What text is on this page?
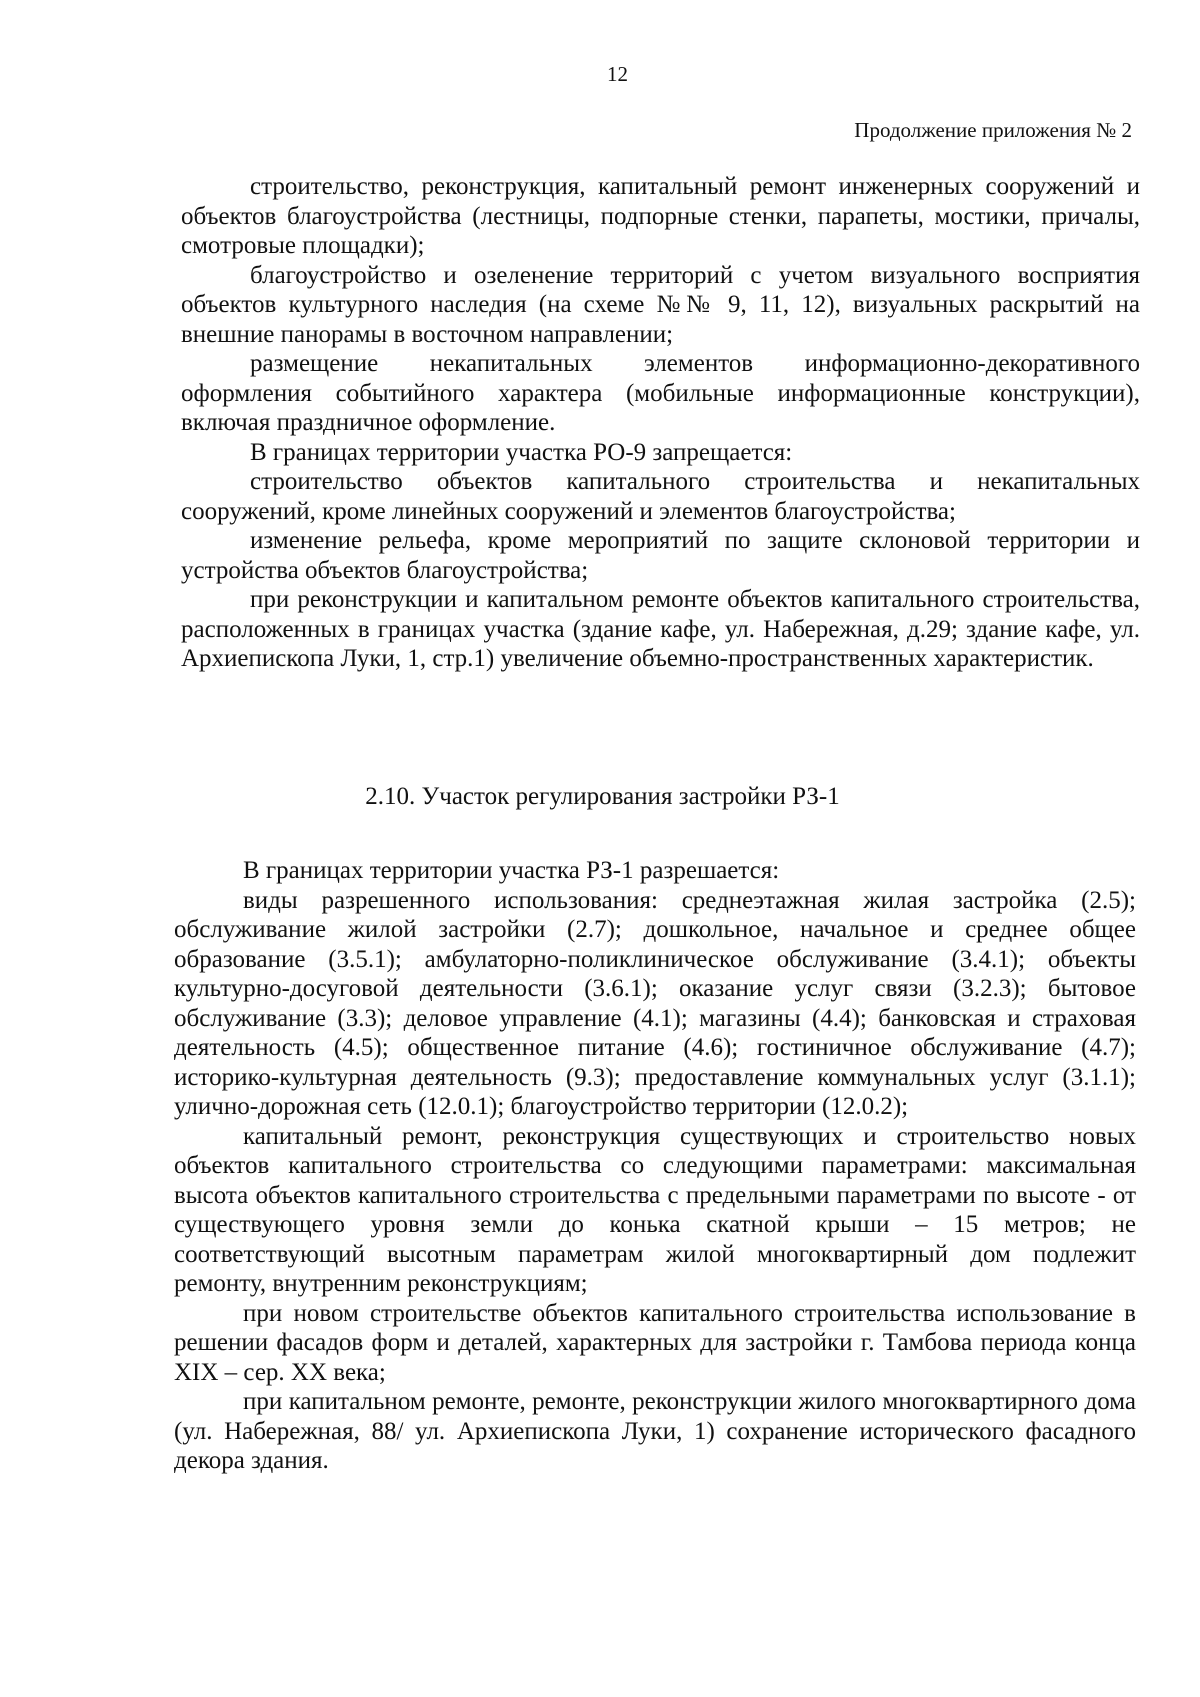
12
Продолжение приложения № 2

строительство, реконструкция, капитальный ремонт инженерных сооружений и объектов благоустройства (лестницы, подпорные стенки, парапеты, мостики, причалы, смотровые площадки);

благоустройство и озеленение территорий с учетом визуального восприятия объектов культурного наследия (на схеме №№ 9, 11, 12), визуальных раскрытий на внешние панорамы в восточном направлении;

размещение некапитальных элементов информационно-декоративного оформления событийного характера (мобильные информационные конструкции), включая праздничное оформление.

В границах территории участка РО-9 запрещается:

строительство объектов капитального строительства и некапитальных сооружений, кроме линейных сооружений и элементов благоустройства;

изменение рельефа, кроме мероприятий по защите склоновой территории и устройства объектов благоустройства;

при реконструкции и капитальном ремонте объектов капитального строительства, расположенных в границах участка (здание кафе, ул. Набережная, д.29; здание кафе, ул. Архиепископа Луки, 1, стр.1) увеличение объемно-пространственных характеристик.

2.10. Участок регулирования застройки РЗ-1

В границах территории участка РЗ-1 разрешается:

виды разрешенного использования: среднеэтажная жилая застройка (2.5); обслуживание жилой застройки (2.7); дошкольное, начальное и среднее общее образование (3.5.1); амбулаторно-поликлиническое обслуживание (3.4.1); объекты культурно-досуговой деятельности (3.6.1); оказание услуг связи (3.2.3); бытовое обслуживание (3.3); деловое управление (4.1); магазины (4.4); банковская и страховая деятельность (4.5); общественное питание (4.6); гостиничное обслуживание (4.7); историко-культурная деятельность (9.3); предоставление коммунальных услуг (3.1.1); улично-дорожная сеть (12.0.1); благоустройство территории (12.0.2);

капитальный ремонт, реконструкция существующих и строительство новых объектов капитального строительства со следующими параметрами: максимальная высота объектов капитального строительства с предельными параметрами по высоте - от существующего уровня земли до конька скатной крыши – 15 метров; не соответствующий высотным параметрам жилой многоквартирный дом подлежит ремонту, внутренним реконструкциям;

при новом строительстве объектов капитального строительства использование в решении фасадов форм и деталей, характерных для застройки г. Тамбова периода конца XIX – сер. XX века;

при капитальном ремонте, ремонте, реконструкции жилого многоквартирного дома (ул. Набережная, 88/ ул. Архиепископа Луки, 1) сохранение исторического фасадного декора здания.
